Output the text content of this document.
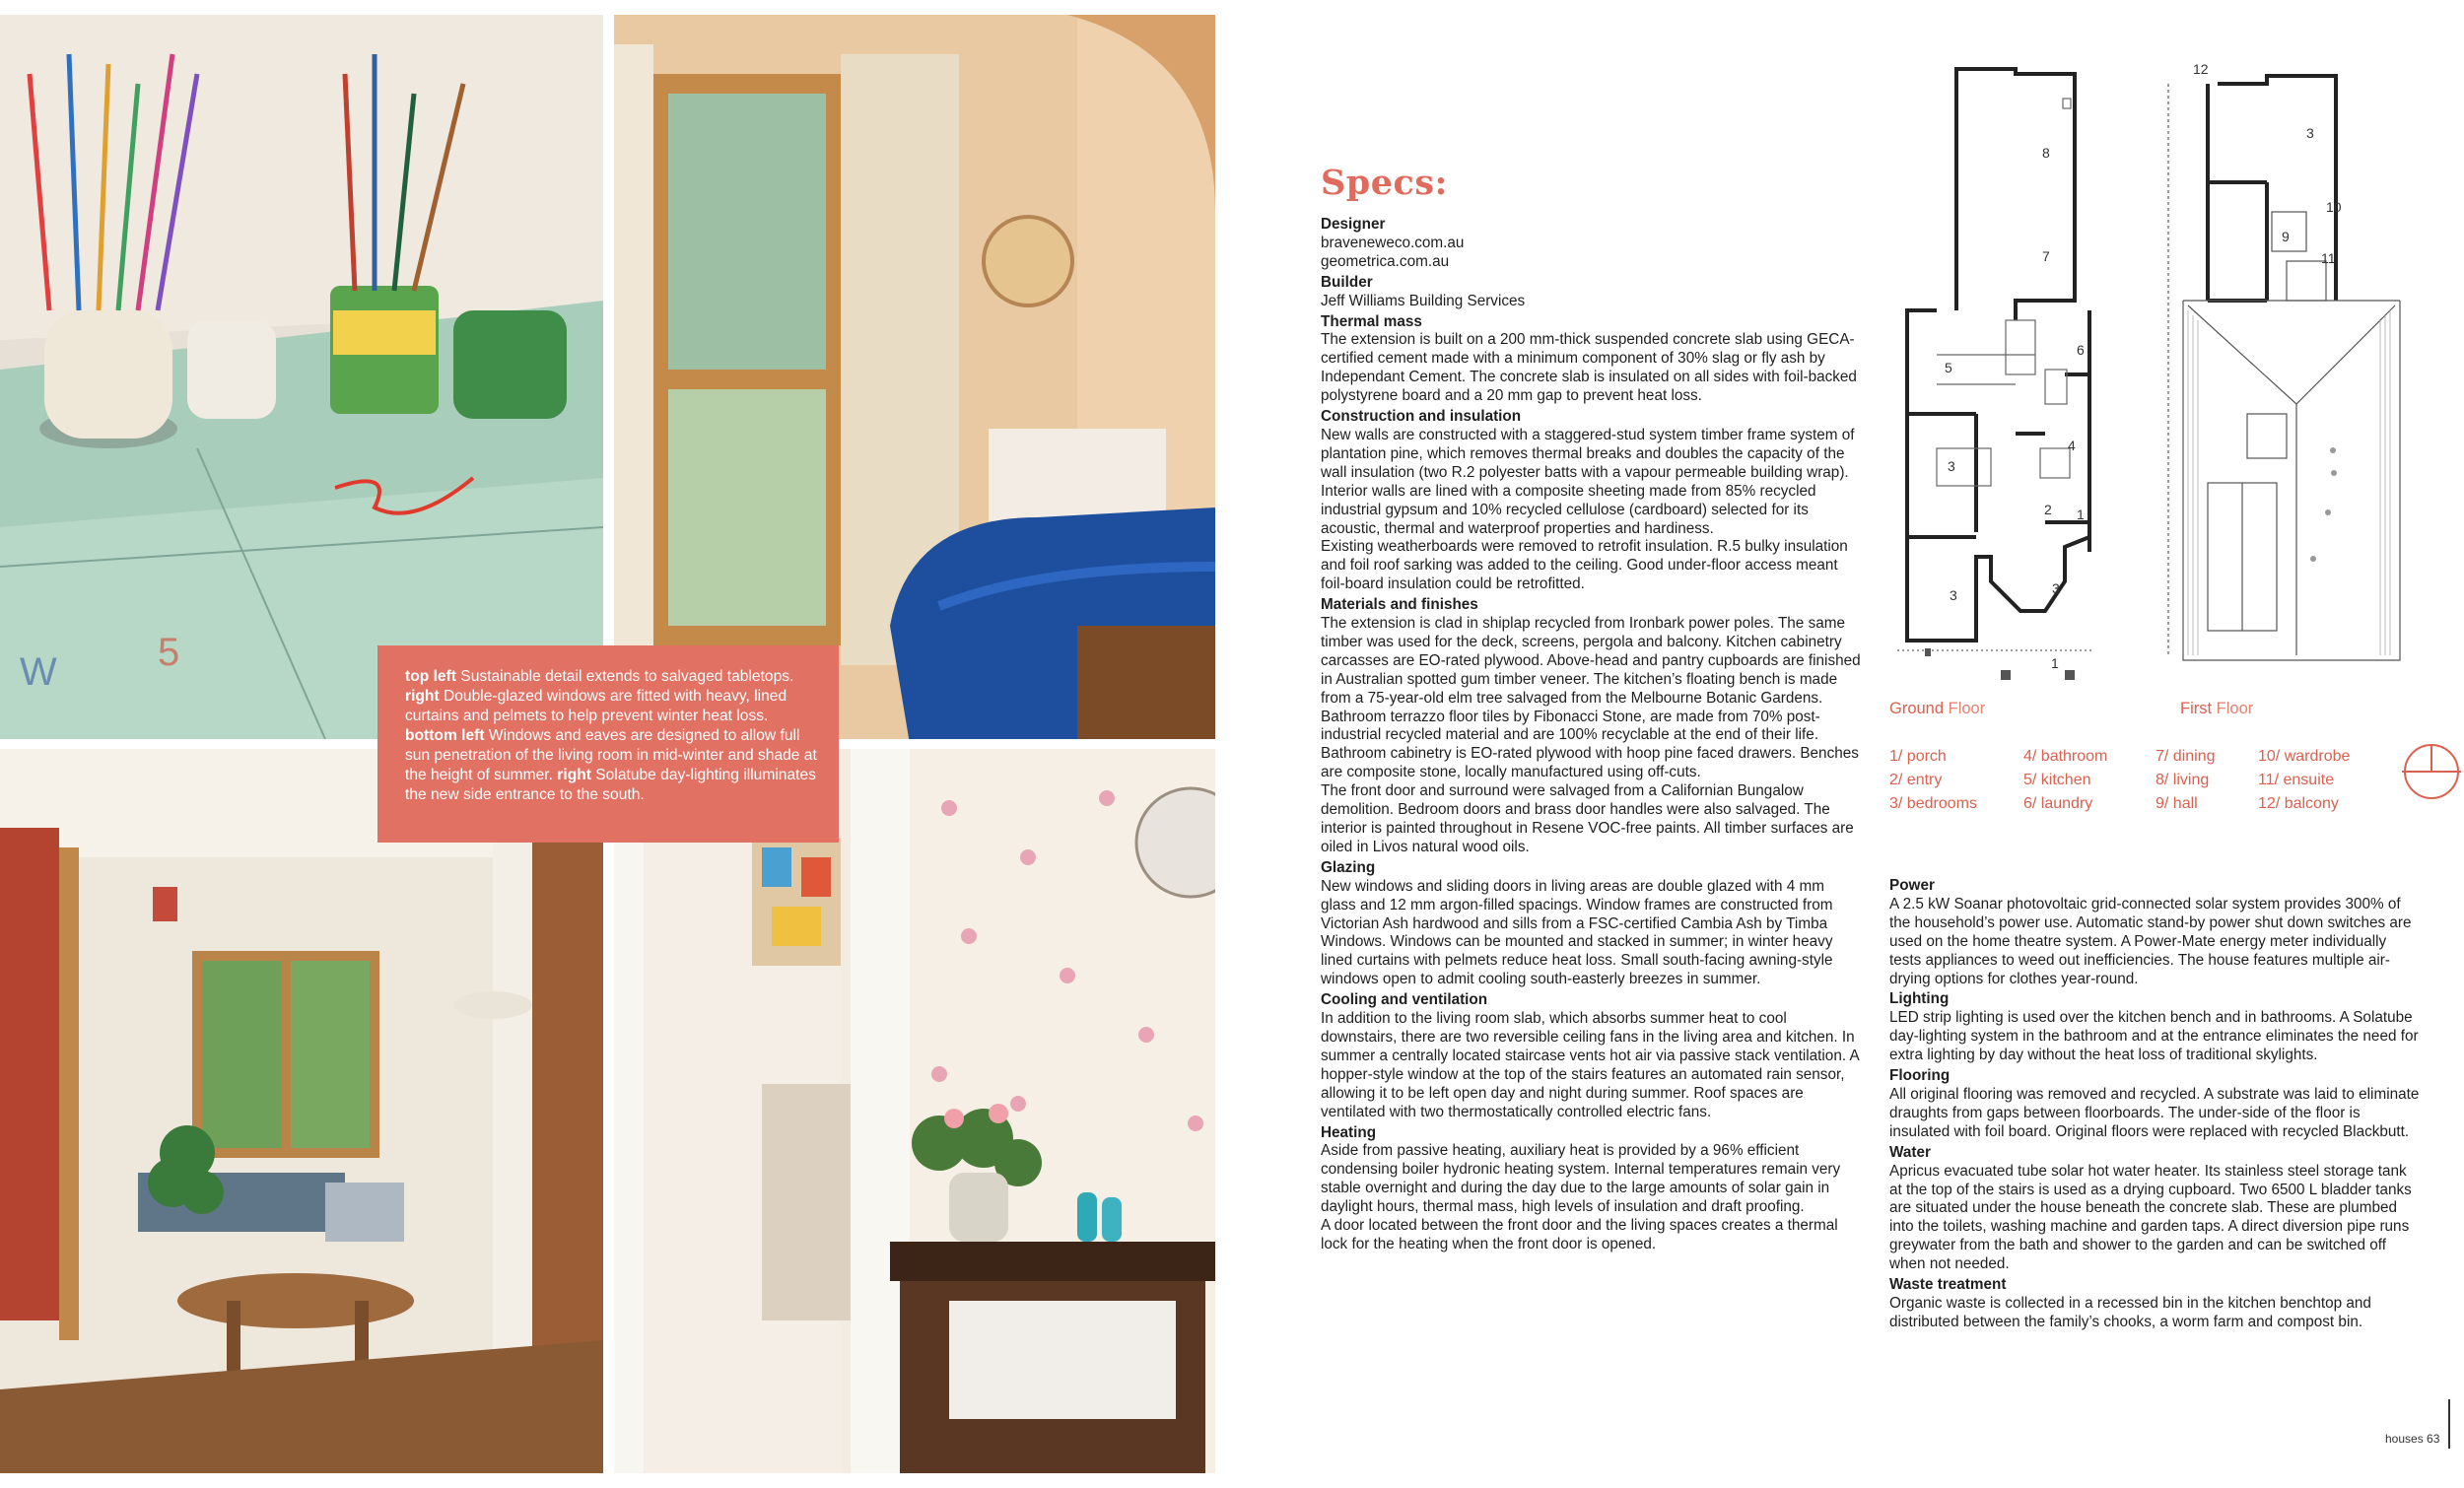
W	5
top left Sustainable detail extends to salvaged tabletops. right Double-glazed windows are fitted with heavy, lined curtains and pelmets to help prevent winter heat loss. bottom left Windows and eaves are designed to allow full sun penetration of the living room in mid-winter and shade at the height of summer. right Solatube day-lighting illuminates the new side entrance to the south.
Specs:
Designer
braveneweco.com.au
geometrica.com.au
Builder
Jeff Williams Building Services
Thermal mass
The extension is built on a 200 mm-thick suspended concrete slab using GECA-certified cement made with a minimum component of 30% slag or fly ash by Independant Cement. The concrete slab is insulated on all sides with foil-backed polystyrene board and a 20 mm gap to prevent heat loss.
Construction and insulation
New walls are constructed with a staggered-stud system timber frame system of plantation pine, which removes thermal breaks and doubles the capacity of the wall insulation (two R.2 polyester batts with a vapour permeable building wrap). Interior walls are lined with a composite sheeting made from 85% recycled industrial gypsum and 10% recycled cellulose (cardboard) selected for its acoustic, thermal and waterproof properties and hardiness.
Existing weatherboards were removed to retrofit insulation. R.5 bulky insulation and foil roof sarking was added to the ceiling. Good under-floor access meant foil-board insulation could be retrofitted.
Materials and finishes
The extension is clad in shiplap recycled from Ironbark power poles. The same timber was used for the deck, screens, pergola and balcony. Kitchen cabinetry carcasses are EO-rated plywood. Above-head and pantry cupboards are finished in Australian spotted gum timber veneer. The kitchen’s floating bench is made from a 75-year-old elm tree salvaged from the Melbourne Botanic Gardens.
Bathroom terrazzo floor tiles by Fibonacci Stone, are made from 70% post-industrial recycled material and are 100% recyclable at the end of their life. Bathroom cabinetry is EO-rated plywood with hoop pine faced drawers. Benches are composite stone, locally manufactured using off-cuts.
The front door and surround were salvaged from a Californian Bungalow demolition. Bedroom doors and brass door handles were also salvaged. The interior is painted throughout in Resene VOC-free paints. All timber surfaces are oiled in Livos natural wood oils.
Glazing
New windows and sliding doors in living areas are double glazed with 4 mm glass and 12 mm argon-filled spacings. Window frames are constructed from Victorian Ash hardwood and sills from a FSC-certified Cambia Ash by Timba Windows. Windows can be mounted and stacked in summer; in winter heavy lined curtains with pelmets reduce heat loss. Small south-facing awning-style windows open to admit cooling south-easterly breezes in summer.
Cooling and ventilation
In addition to the living room slab, which absorbs summer heat to cool downstairs, there are two reversible ceiling fans in the living area and kitchen. In summer a centrally located staircase vents hot air via passive stack ventilation. A hopper-style window at the top of the stairs features an automated rain sensor, allowing it to be left open day and night during summer. Roof spaces are ventilated with two thermostatically controlled electric fans.
Heating
Aside from passive heating, auxiliary heat is provided by a 96% efficient condensing boiler hydronic heating system. Internal temperatures remain very stable overnight and during the day due to the large amounts of solar gain in daylight hours, thermal mass, high levels of insulation and draft proofing.
A door located between the front door and the living spaces creates a thermal lock for the heating when the front door is opened.
8
7
6
5
4
3
2 1
3	3
1
12
3
10
9
11
Ground Floor	First Floor
1/ porch
2/ entry
3/ bedrooms
4/ bathroom
5/ kitchen
6/ laundry
7/ dining
8/ living
9/ hall
10/ wardrobe
11/ ensuite
12/ balcony
Power
A 2.5 kW Soanar photovoltaic grid-connected solar system provides 300% of the household’s power use. Automatic stand-by power shut down switches are used on the home theatre system. A Power-Mate energy meter individually tests appliances to weed out inefficiencies. The house features multiple air-drying options for clothes year-round.
Lighting
LED strip lighting is used over the kitchen bench and in bathrooms. A Solatube day-lighting system in the bathroom and at the entrance eliminates the need for extra lighting by day without the heat loss of traditional skylights.
Flooring
All original flooring was removed and recycled. A substrate was laid to eliminate draughts from gaps between floorboards. The under-side of the floor is insulated with foil board. Original floors were replaced with recycled Blackbutt.
Water
Apricus evacuated tube solar hot water heater. Its stainless steel storage tank at the top of the stairs is used as a drying cupboard. Two 6500 L bladder tanks are situated under the house beneath the concrete slab. These are plumbed into the toilets, washing machine and garden taps. A direct diversion pipe runs greywater from the bath and shower to the garden and can be switched off when not needed.
Waste treatment
Organic waste is collected in a recessed bin in the kitchen benchtop and distributed between the family’s chooks, a worm farm and compost bin.
houses 63
